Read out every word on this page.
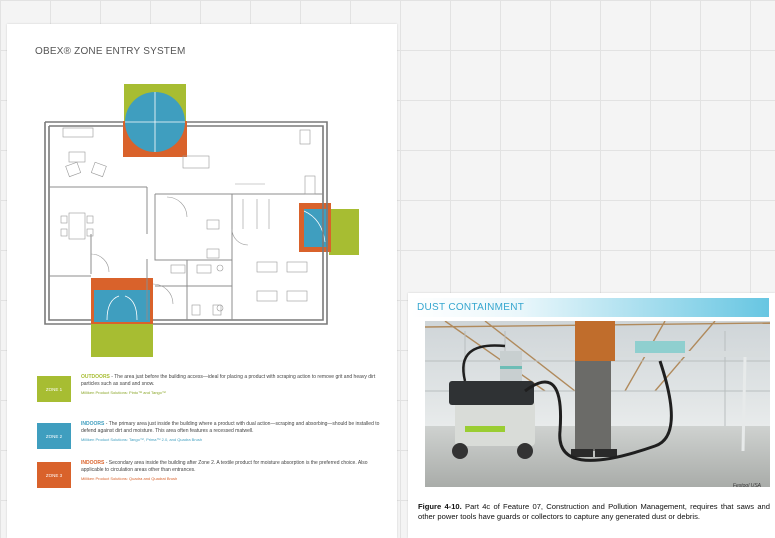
OBEX® ZONE ENTRY SYSTEM
ZONE 1
OUTDOORS - The area just before the building access—ideal for placing a product with scraping action to remove grit and heavy dirt particles such as sand and snow.
Milliken Product Solutions: Pinto™ and Tango™
ZONE 2
INDOORS - The primary area just inside the building where a product with dual action—scraping and absorbing—should be installed to defend against dirt and moisture. This area often features a recessed matwell.
Milliken Product Solutions: Tango™, Prima™ 2.0, and Quadra Brush
ZONE 3
INDOORS - Secondary area inside the building after Zone 2. A textile product for moisture absorption is the preferred choice. Also applicable to circulation areas other than entrances.
Milliken Product Solutions: Quadra and Quadrat Brush
DUST CONTAINMENT
Festool USA
Figure 4-10. Part 4c of Feature 07, Construction and Pollution Management, requires that saws and other power tools have guards or collectors to capture any generated dust or debris.
